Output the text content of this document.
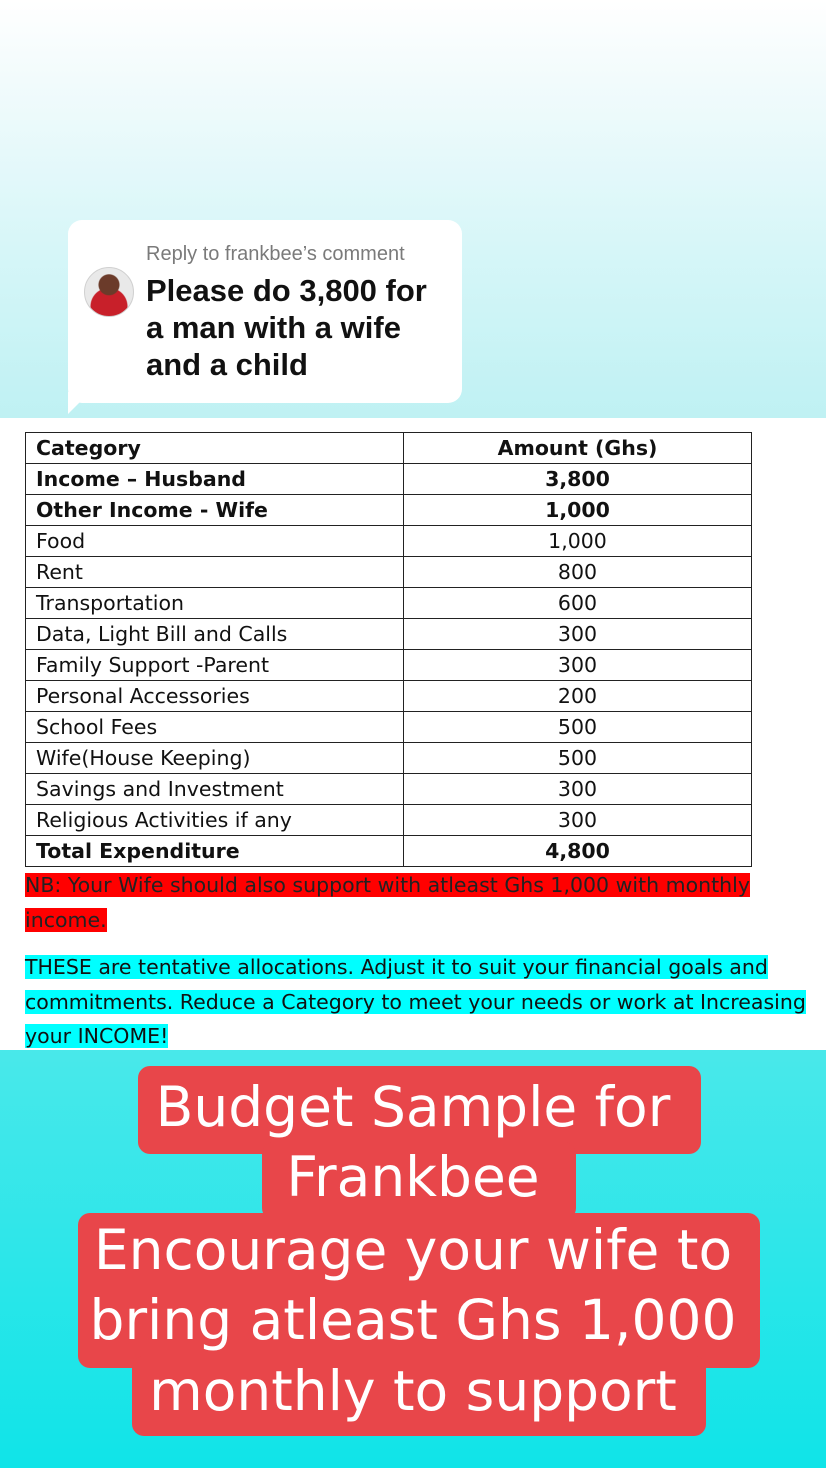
Reply to frankbee’s comment
Please do 3,800 for a man with a wife and a child
Category	Amount (Ghs)
Income – Husband	3,800
Other Income - Wife	1,000
Food	1,000
Rent	800
Transportation	600
Data, Light Bill and Calls	300
Family Support -Parent	300
Personal Accessories	200
School Fees	500
Wife(House Keeping)	500
Savings and Investment	300
Religious Activities if any	300
Total Expenditure	4,800
NB: Your Wife should also support with atleast Ghs 1,000 with monthly income.
THESE are tentative allocations. Adjust it to suit your financial goals and commitments. Reduce a Category to meet your needs or work at Increasing your INCOME!
Budget Sample for
Frankbee
Encourage your wife to
bring atleast Ghs 1,000
monthly to support
